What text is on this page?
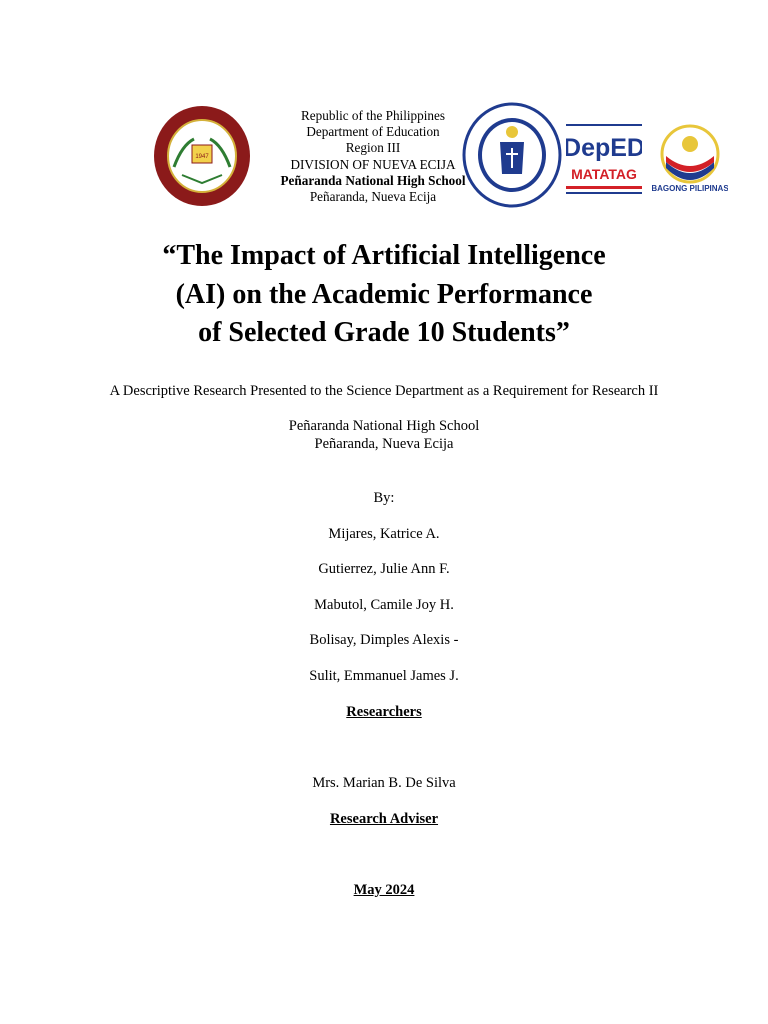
1947
Republic of the Philippines
Department of Education
Region III
DIVISION OF NUEVA ECIJA
Peñaranda National High School
Peñaranda, Nueva Ecija
DepED
MATATAG
BAGONG PILIPINAS
“The Impact of Artificial Intelligence
(AI) on the Academic Performance
of Selected Grade 10 Students”
A Descriptive Research Presented to the Science Department as a Requirement for Research II
Peñaranda National High School
Peñaranda, Nueva Ecija
By:
Mijares, Katrice A.
Gutierrez, Julie Ann F.
Mabutol, Camile Joy H.
Bolisay, Dimples Alexis -
Sulit, Emmanuel James J.
Researchers
Mrs. Marian B. De Silva
Research Adviser
May 2024
